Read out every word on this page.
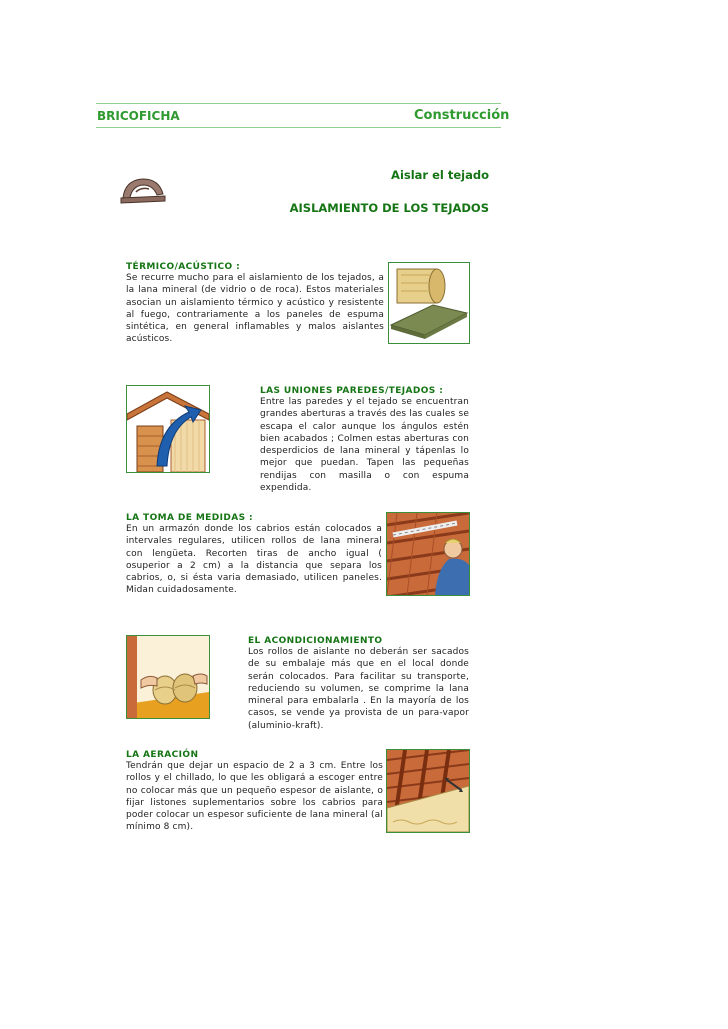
BRICOFICHA	Construcción
Aislar el tejado
AISLAMIENTO DE LOS TEJADOS
TÉRMICO/ACÚSTICO :
Se recurre mucho para el aislamiento de los tejados, a la lana mineral (de vidrio o de roca). Estos materiales asocian un aislamiento térmico y acústico y resistente al fuego, contrariamente a los paneles de espuma sintética, en general inflamables y malos aislantes acústicos.
LAS UNIONES PAREDES/TEJADOS :
Entre las paredes y el tejado se encuentran grandes aberturas a través des las cuales se escapa el calor aunque los ángulos estén bien acabados ; Colmen estas aberturas con desperdicios de lana mineral y tápenlas lo mejor que puedan. Tapen las pequeñas rendijas con masilla o con espuma expendida.
LA TOMA DE MEDIDAS :
En un armazón donde los cabrios están colocados a intervales regulares, utilicen rollos de lana mineral con lengüeta. Recorten tiras de ancho igual ( osuperior a 2 cm) a la distancia que separa los cabrios, o, si ésta varia demasiado, utilicen paneles. Midan cuidadosamente.
EL ACONDICIONAMIENTO
Los rollos de aislante no deberán ser sacados de su embalaje más que en el local donde serán colocados. Para facilitar su transporte, reduciendo su volumen, se comprime la lana mineral para embalarla . En la mayoría de los casos, se vende ya provista de un para-vapor (aluminio-kraft).
LA AERACIÓN
Tendrán que dejar un espacio de 2 a 3 cm. Entre los rollos y el chillado, lo que les obligará a escoger entre no colocar más que un pequeño espesor de aislante, o fijar listones suplementarios sobre los cabrios para poder colocar un espesor suficiente de lana mineral (al mínimo 8 cm).
